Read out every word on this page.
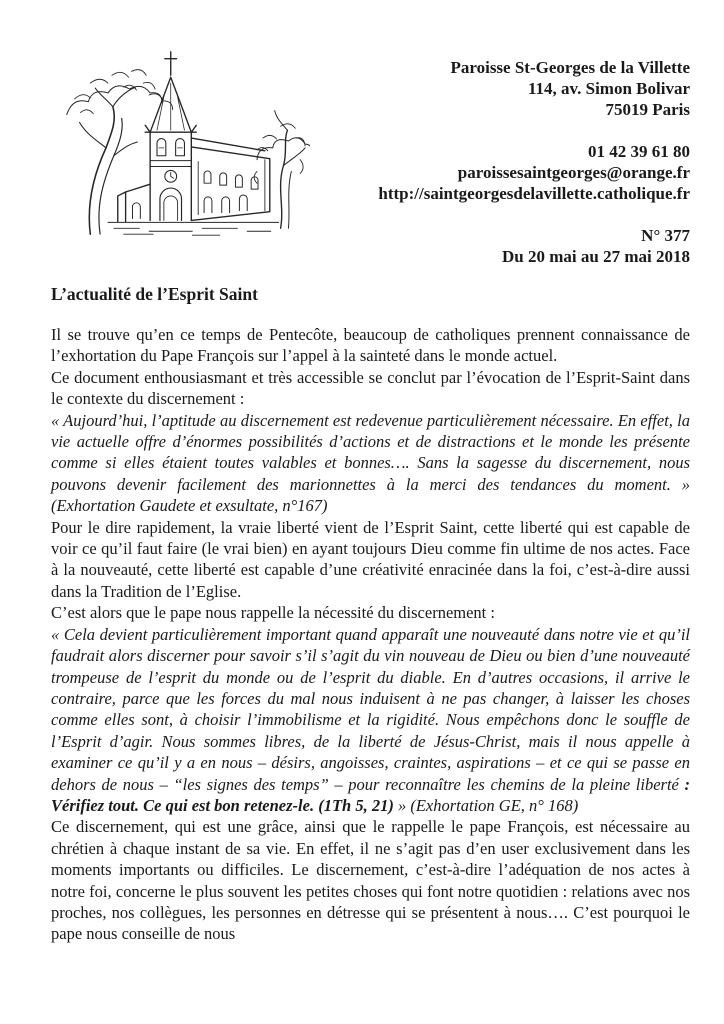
Paroisse St-Georges de la Villette
114, av. Simon Bolivar
75019 Paris
01 42 39 61 80
paroissesaintgeorges@orange.fr
http://saintgeorgesdelavillette.catholique.fr
N° 377
Du 20 mai au 27 mai 2018
L’actualité de l’Esprit Saint

Il se trouve qu’en ce temps de Pentecôte, beaucoup de catholiques prennent connaissance de l’exhortation du Pape François sur l’appel à la sainteté dans le monde actuel.

Ce document enthousiasmant et très accessible se conclut par l’évocation de l’Esprit-Saint dans le contexte du discernement :

« Aujourd’hui, l’aptitude au discernement est redevenue particulièrement nécessaire. En effet, la vie actuelle offre d’énormes possibilités d’actions et de distractions et le monde les présente comme si elles étaient toutes valables et bonnes…. Sans la sagesse du discernement, nous pouvons devenir facilement des marionnettes à la merci des tendances du moment. » (Exhortation Gaudete et exsultate, n°167)

Pour le dire rapidement, la vraie liberté vient de l’Esprit Saint, cette liberté qui est capable de voir ce qu’il faut faire (le vrai bien) en ayant toujours Dieu comme fin ultime de nos actes. Face à la nouveauté, cette liberté est capable d’une créativité enracinée dans la foi, c’est-à-dire aussi dans la Tradition de l’Eglise.

C’est alors que le pape nous rappelle la nécessité du discernement :

« Cela devient particulièrement important quand apparaît une nouveauté dans notre vie et qu’il faudrait alors discerner pour savoir s’il s’agit du vin nouveau de Dieu ou bien d’une nouveauté trompeuse de l’esprit du monde ou de l’esprit du diable. En d’autres occasions, il arrive le contraire, parce que les forces du mal nous induisent à ne pas changer, à laisser les choses comme elles sont, à choisir l’immobilisme et la rigidité. Nous empêchons donc le souffle de l’Esprit d’agir. Nous sommes libres, de la liberté de Jésus-Christ, mais il nous appelle à examiner ce qu’il y a en nous – désirs, angoisses, craintes, aspirations – et ce qui se passe en dehors de nous – “les signes des temps” – pour reconnaître les chemins de la pleine liberté : Vérifiez tout. Ce qui est bon retenez-le. (1Th 5, 21) » (Exhortation GE, n° 168)

Ce discernement, qui est une grâce, ainsi que le rappelle le pape François, est nécessaire au chrétien à chaque instant de sa vie. En effet, il ne s’agit pas d’en user exclusivement dans les moments importants ou difficiles. Le discernement, c’est-à-dire l’adéquation de nos actes à notre foi, concerne le plus souvent les petites choses qui font notre quotidien : relations avec nos proches, nos collègues, les personnes en détresse qui se présentent à nous…. C’est pourquoi le pape nous conseille de nous
